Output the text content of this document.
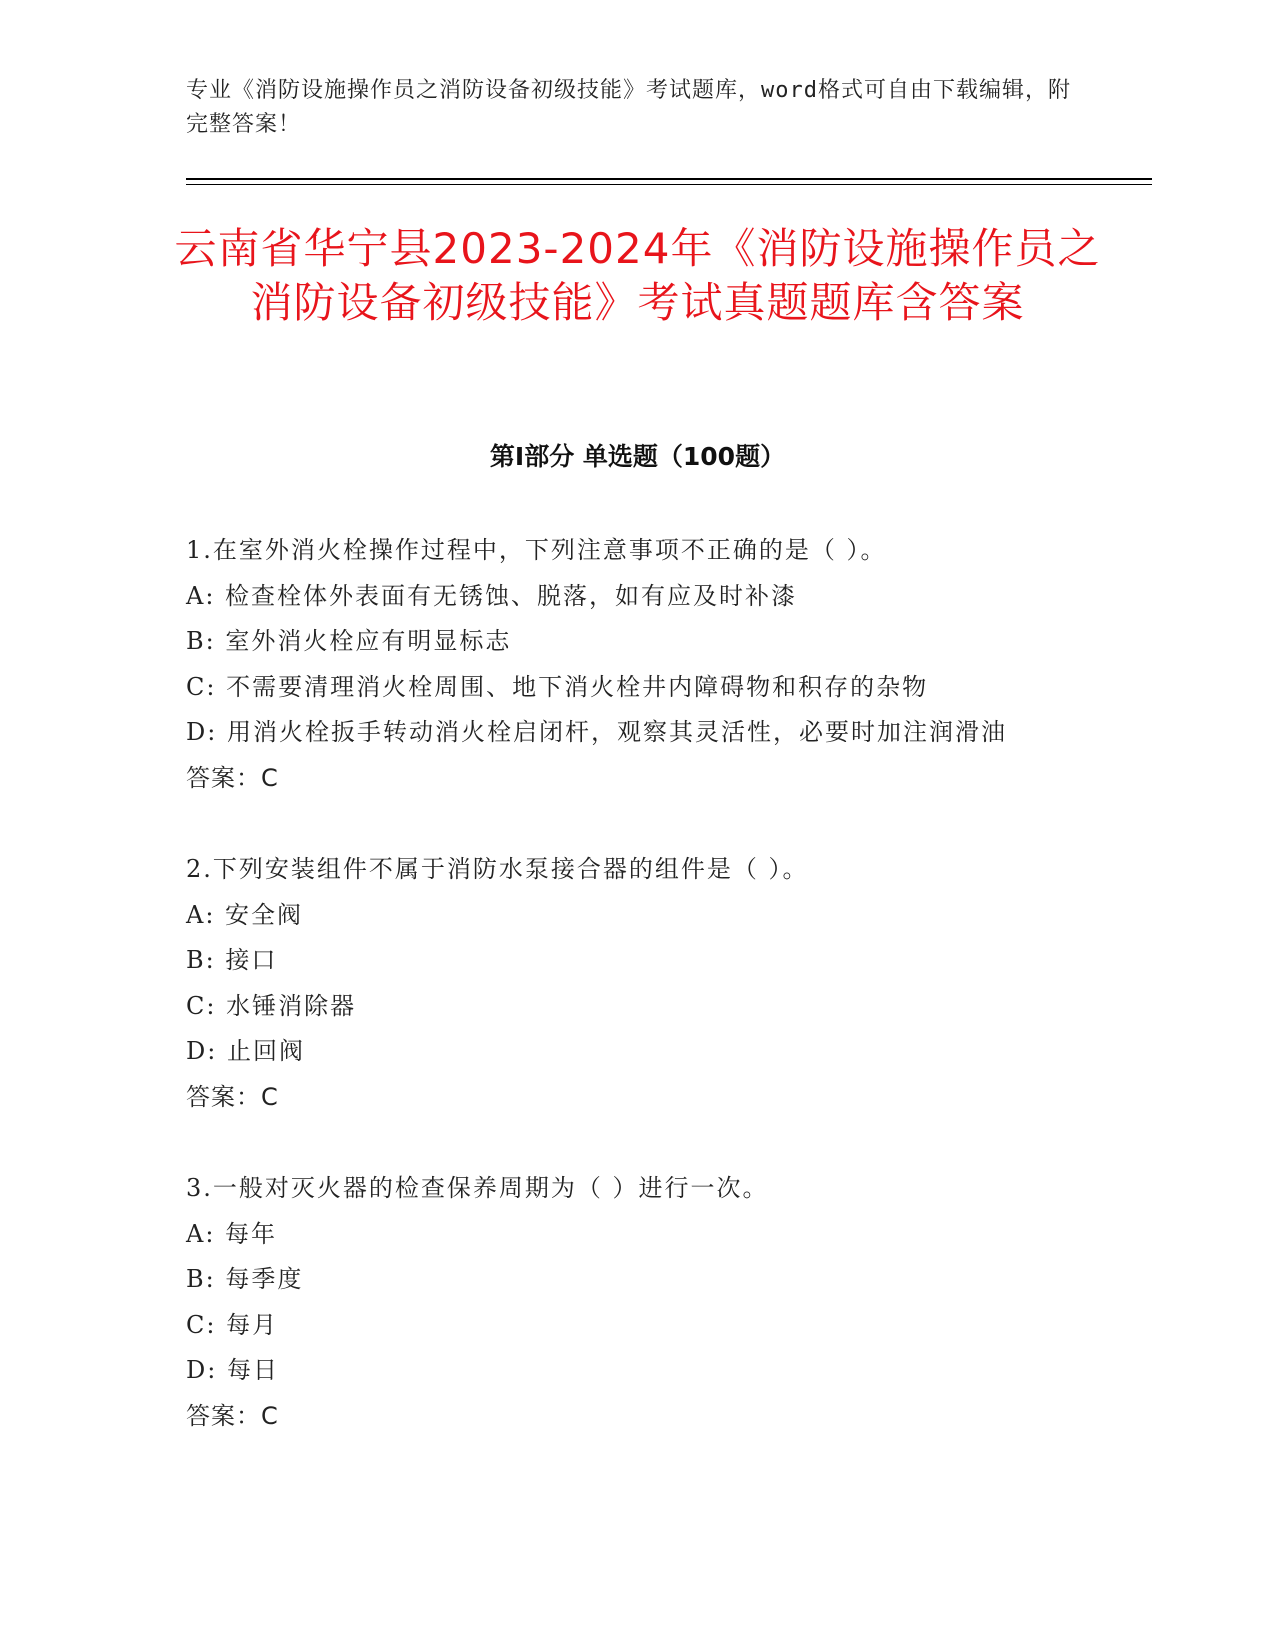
专业《消防设施操作员之消防设备初级技能》考试题库，word格式可自由下载编辑，附完整答案！
云南省华宁县2023-2024年《消防设施操作员之消防设备初级技能》考试真题题库含答案
第Ⅰ部分 单选题（100题）
1.在室外消火栓操作过程中，下列注意事项不正确的是（ ）。
A: 检查栓体外表面有无锈蚀、脱落，如有应及时补漆
B: 室外消火栓应有明显标志
C: 不需要清理消火栓周围、地下消火栓井内障碍物和积存的杂物
D: 用消火栓扳手转动消火栓启闭杆，观察其灵活性，必要时加注润滑油
答案：C
2.下列安装组件不属于消防水泵接合器的组件是（ ）。
A: 安全阀
B: 接口
C: 水锤消除器
D: 止回阀
答案：C
3.一般对灭火器的检查保养周期为（ ）进行一次。
A: 每年
B: 每季度
C: 每月
D: 每日
答案：C
